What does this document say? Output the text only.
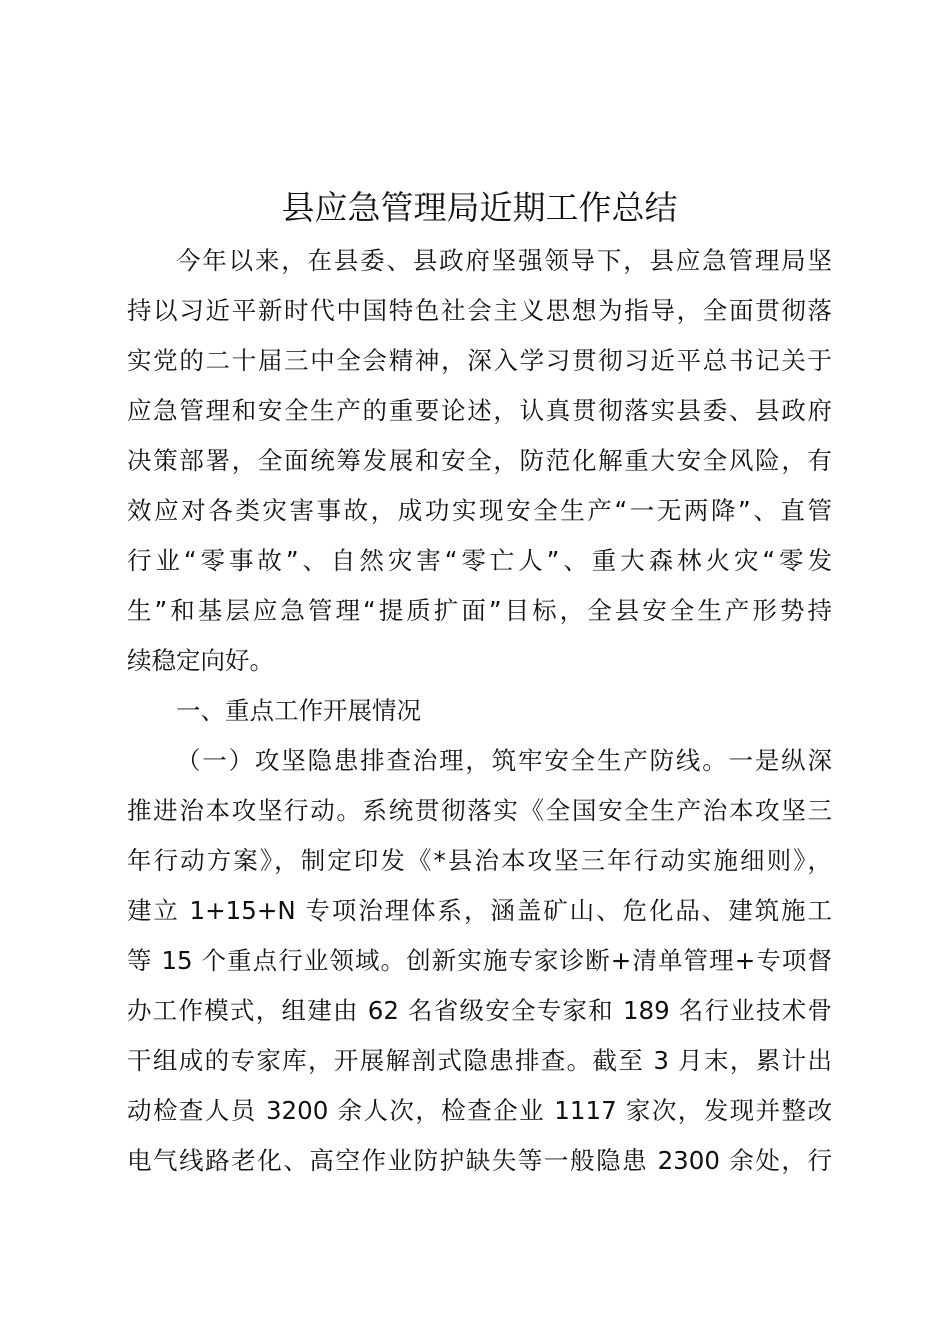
县应急管理局近期工作总结
今年以来，在县委、县政府坚强领导下，县应急管理局坚
持以习近平新时代中国特色社会主义思想为指导，全面贯彻落
实党的二十届三中全会精神，深入学习贯彻习近平总书记关于
应急管理和安全生产的重要论述，认真贯彻落实县委、县政府
决策部署，全面统筹发展和安全，防范化解重大安全风险，有
效应对各类灾害事故，成功实现安全生产“一无两降”、直管
行业“零事故”、自然灾害“零亡人”、重大森林火灾“零发
生”和基层应急管理“提质扩面”目标，全县安全生产形势持
续稳定向好。
一、重点工作开展情况
（一）攻坚隐患排查治理，筑牢安全生产防线。一是纵深
推进治本攻坚行动。系统贯彻落实《全国安全生产治本攻坚三
年行动方案》，制定印发《*县治本攻坚三年行动实施细则》，
建立 1+15+N 专项治理体系，涵盖矿山、危化品、建筑施工
等 15 个重点行业领域。创新实施专家诊断+清单管理+专项督
办工作模式，组建由 62 名省级安全专家和 189 名行业技术骨
干组成的专家库，开展解剖式隐患排查。截至 3 月末，累计出
动检查人员 3200 余人次，检查企业 1117 家次，发现并整改
电气线路老化、高空作业防护缺失等一般隐患 2300 余处，行
